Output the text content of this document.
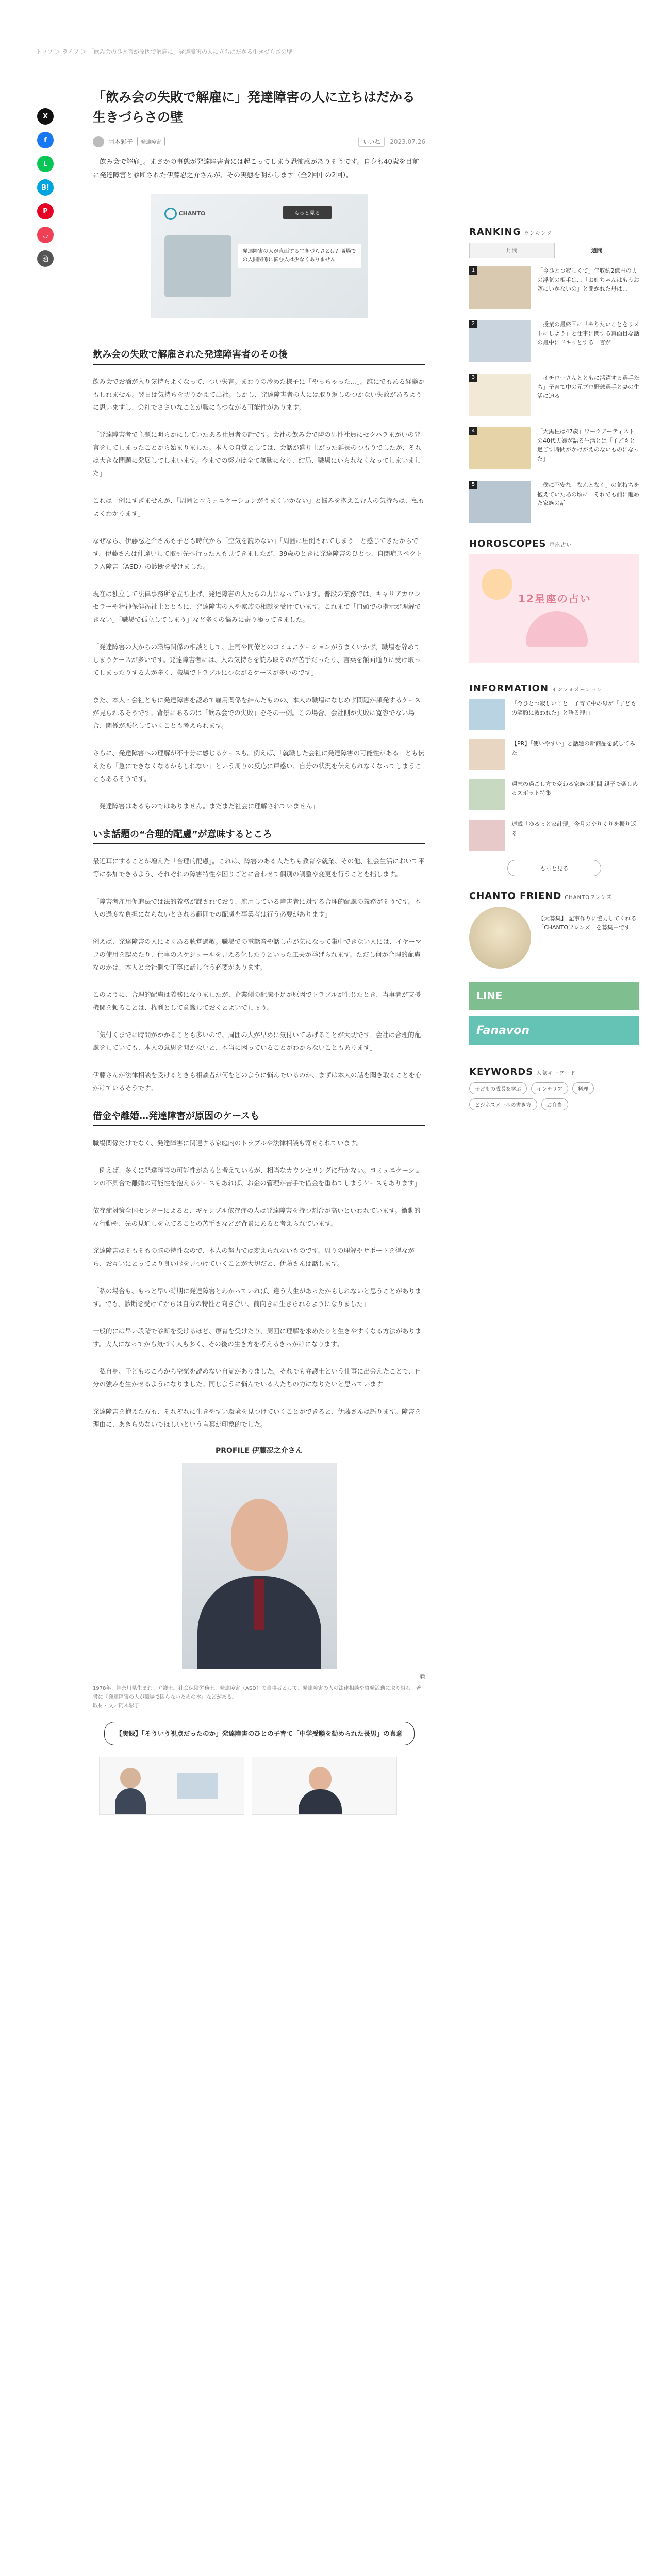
トップ ＞ ライフ ＞ 「飲み会のひと言が原因で解雇に」発達障害の人に立ちはだかる生きづらさの壁
X
f
L
B!
P
◡
⎘
「飲み会の失敗で解雇に」発達障害の人に立ちはだかる生きづらさの壁
阿木彩子	発達障害	いいね	2023.07.26

「飲み会で解雇」。まさかの事態が発達障害者には起こってしまう恐怖感がありそうです。自身も40歳を目前に発達障害と診断された伊藤忍之介さんが、その実態を明かします（全2回中の2回）。

CHANTO	もっと見る
発達障害の人が直面する生きづらさとは？職場での人間関係に悩む人は少なくありません
飲み会の失敗で解雇された発達障害者のその後

飲み会でお酒が入り気持ちよくなって、つい失言。まわりの冷めた様子に「やっちゃった…」。誰にでもある経験かもしれません。翌日は気持ちを切りかえて出社。しかし、発達障害者の人には取り返しのつかない失敗があるように思いますし、会社でささいなことが職にもつながる可能性があります。

「発達障害者で主題に明らかにしていたある社員者の話です。会社の飲み会で隣の男性社員にセクハラまがいの発言をしてしまったことから始まりました。本人の自覚としては、会話が盛り上がった延長のつもりでしたが、それは大きな問題に発展してしまいます。今までの努力は全て無駄になり、結局、職場にいられなくなってしまいました」

これは一例にすぎませんが、「周囲とコミュニケーションがうまくいかない」と悩みを抱えこむ人の気持ちは、私もよくわかります」

なぜなら、伊藤忍之介さんも子ども時代から「空気を読めない」「周囲に圧倒されてしまう」と感じてきたからです。伊藤さんは仲違いして取引先へ行った人も見てきましたが、39歳のときに発達障害のひとつ、自閉症スペクトラム障害（ASD）の診断を受けました。

現在は独立して法律事務所を立ち上げ、発達障害の人たちの力になっています。普段の業務では、キャリアカウンセラーや精神保健福祉士とともに、発達障害の人や家族の相談を受けています。これまで「口頭での指示が理解できない」「職場で孤立してしまう」など多くの悩みに寄り添ってきました。

「発達障害の人からの職場関係の相談として、上司や同僚とのコミュニケーションがうまくいかず、職場を辞めてしまうケースが多いです。発達障害者には、人の気持ちを読み取るのが苦手だったり、言葉を額面通りに受け取ってしまったりする人が多く、職場でトラブルにつながるケースが多いのです」

また、本人・会社ともに発達障害を認めて雇用関係を結んだものの、本人の職場になじめず問題が頻発するケースが見られるそうです。背景にあるのは「飲み会での失敗」をその一例。この場合、会社側が失敗に寛容でない場合、関係が悪化していくことも考えられます。

さらに、発達障害への理解が不十分に感じるケースも。例えば、「就職した会社に発達障害の可能性がある」とも伝えたら「急にできなくなるかもしれない」という周りの反応に戸惑い、自分の状況を伝えられなくなってしまうこともあるそうです。

「発達障害はあるものではありません。まだまだ社会に理解されていません」

いま話題の“合理的配慮”が意味するところ

最近耳にすることが増えた「合理的配慮」。これは、障害のある人たちも教育や就業、その他、社会生活において平等に参加できるよう、それぞれの障害特性や困りごとに合わせて個別の調整や変更を行うことを指します。

「障害者雇用促進法では法的義務が課されており、雇用している障害者に対する合理的配慮の義務がそうです。本人の過度な負担にならないとされる範囲での配慮を事業者は行う必要があります」

例えば、発達障害の人によくある聴覚過敏。職場での電話音や話し声が気になって集中できない人には、イヤーマフの使用を認めたり、仕事のスケジュールを見える化したりといった工夫が挙げられます。ただし何が合理的配慮なのかは、本人と会社側で丁寧に話し合う必要があります。

このように、合理的配慮は義務になりましたが、企業側の配慮不足が原因でトラブルが生じたとき、当事者が支援機関を頼ることは、権利として意識しておくとよいでしょう。

「気付くまでに時間がかかることも多いので、周囲の人が早めに気付いてあげることが大切です。会社は合理的配慮をしていても、本人の意思を聞かないと、本当に困っていることがわからないこともあります」

伊藤さんが法律相談を受けるときも相談者が何をどのように悩んでいるのか、まずは本人の話を聞き取ることを心がけているそうです。

借金や離婚…発達障害が原因のケースも

職場関係だけでなく、発達障害に関連する家庭内のトラブルや法律相談も寄せられています。

「例えば、多くに発達障害の可能性があると考えているが、相当なカウンセリングに行かない。コミュニケーションの不具合で離婚の可能性を抱えるケースもあれば、お金の管理が苦手で借金を重ねてしまうケースもあります」

依存症対策全国センターによると、ギャンブル依存症の人は発達障害を持つ割合が高いといわれています。衝動的な行動や、先の見通しを立てることの苦手さなどが背景にあると考えられています。

発達障害はそもそもの脳の特性なので、本人の努力では変えられないものです。周りの理解やサポートを得ながら、お互いにとってより良い形を見つけていくことが大切だと、伊藤さんは話します。

「私の場合も、もっと早い時期に発達障害とわかっていれば、違う人生があったかもしれないと思うことがあります。でも、診断を受けてからは自分の特性と向き合い、前向きに生きられるようになりました」

一般的には早い段階で診断を受けるほど、療育を受けたり、周囲に理解を求めたりと生きやすくなる方法があります。大人になってから気づく人も多く、その後の生き方を考えるきっかけになります。

「私自身、子どものころから空気を読めない自覚がありました。それでも弁護士という仕事に出会えたことで、自分の強みを生かせるようになりました。同じように悩んでいる人たちの力になりたいと思っています」

発達障害を抱えた方も、それぞれに生きやすい環境を見つけていくことができると、伊藤さんは語ります。障害を理由に、あきらめないでほしいという言葉が印象的でした。

PROFILE 伊藤忍之介さん
⧉
1978年、神奈川県生まれ。弁護士。社会保険労務士。発達障害（ASD）の当事者として、発達障害の人の法律相談や啓発活動に取り組む。著書に『発達障害の人が職場で困らないための本』などがある。
取材・文／阿木彩子
【実録】「そういう視点だったのか」発達障害のひとの子育て「中学受験を勧められた長男」の真意
RANKING ランキング
月間	週間
1	「今ひとつ寂しくて」年収約2億円の夫の浮気の相手は…「お姉ちゃんはもうお嫁にいかないの」と聞かれた母は…
2	「授業の最終回に「やりたいことをリストにしよう」と仕事に関する真面目な話の最中にドキッとする一言が」
3	「イチローさんとともに活躍する選手たち」子育て中の元プロ野球選手と妻の生活に迫る
4	「大黒柱は47歳」ワークアーティストの40代夫婦が語る生活とは「子どもと過ごす時間がかけがえのないものになった」
5	「僕に不安な「なんとなく」の気持ちを抱えていたあの頃に」それでも前に進めた家族の話
HOROSCOPES 星座占い
12星座の占い
INFORMATION インフォメーション
「今ひとつ寂しいこと」子育て中の母が「子どもの笑顔に救われた」と語る理由
【PR】「使いやすい」と話題の新商品を試してみた
週末の過ごし方で変わる家族の時間 親子で楽しめるスポット特集
連載「ゆるっと家計簿」今月のやりくりを振り返る
もっと見る
CHANTO FRIEND CHANTOフレンズ
【大募集】 記事作りに協力してくれる「CHANTOフレンズ」を募集中です
LINE
Fanavon
KEYWORDS 人気キーワード
子どもの成長を学ぶ	インテリア	料理
ビジネスメールの書き方	お弁当
